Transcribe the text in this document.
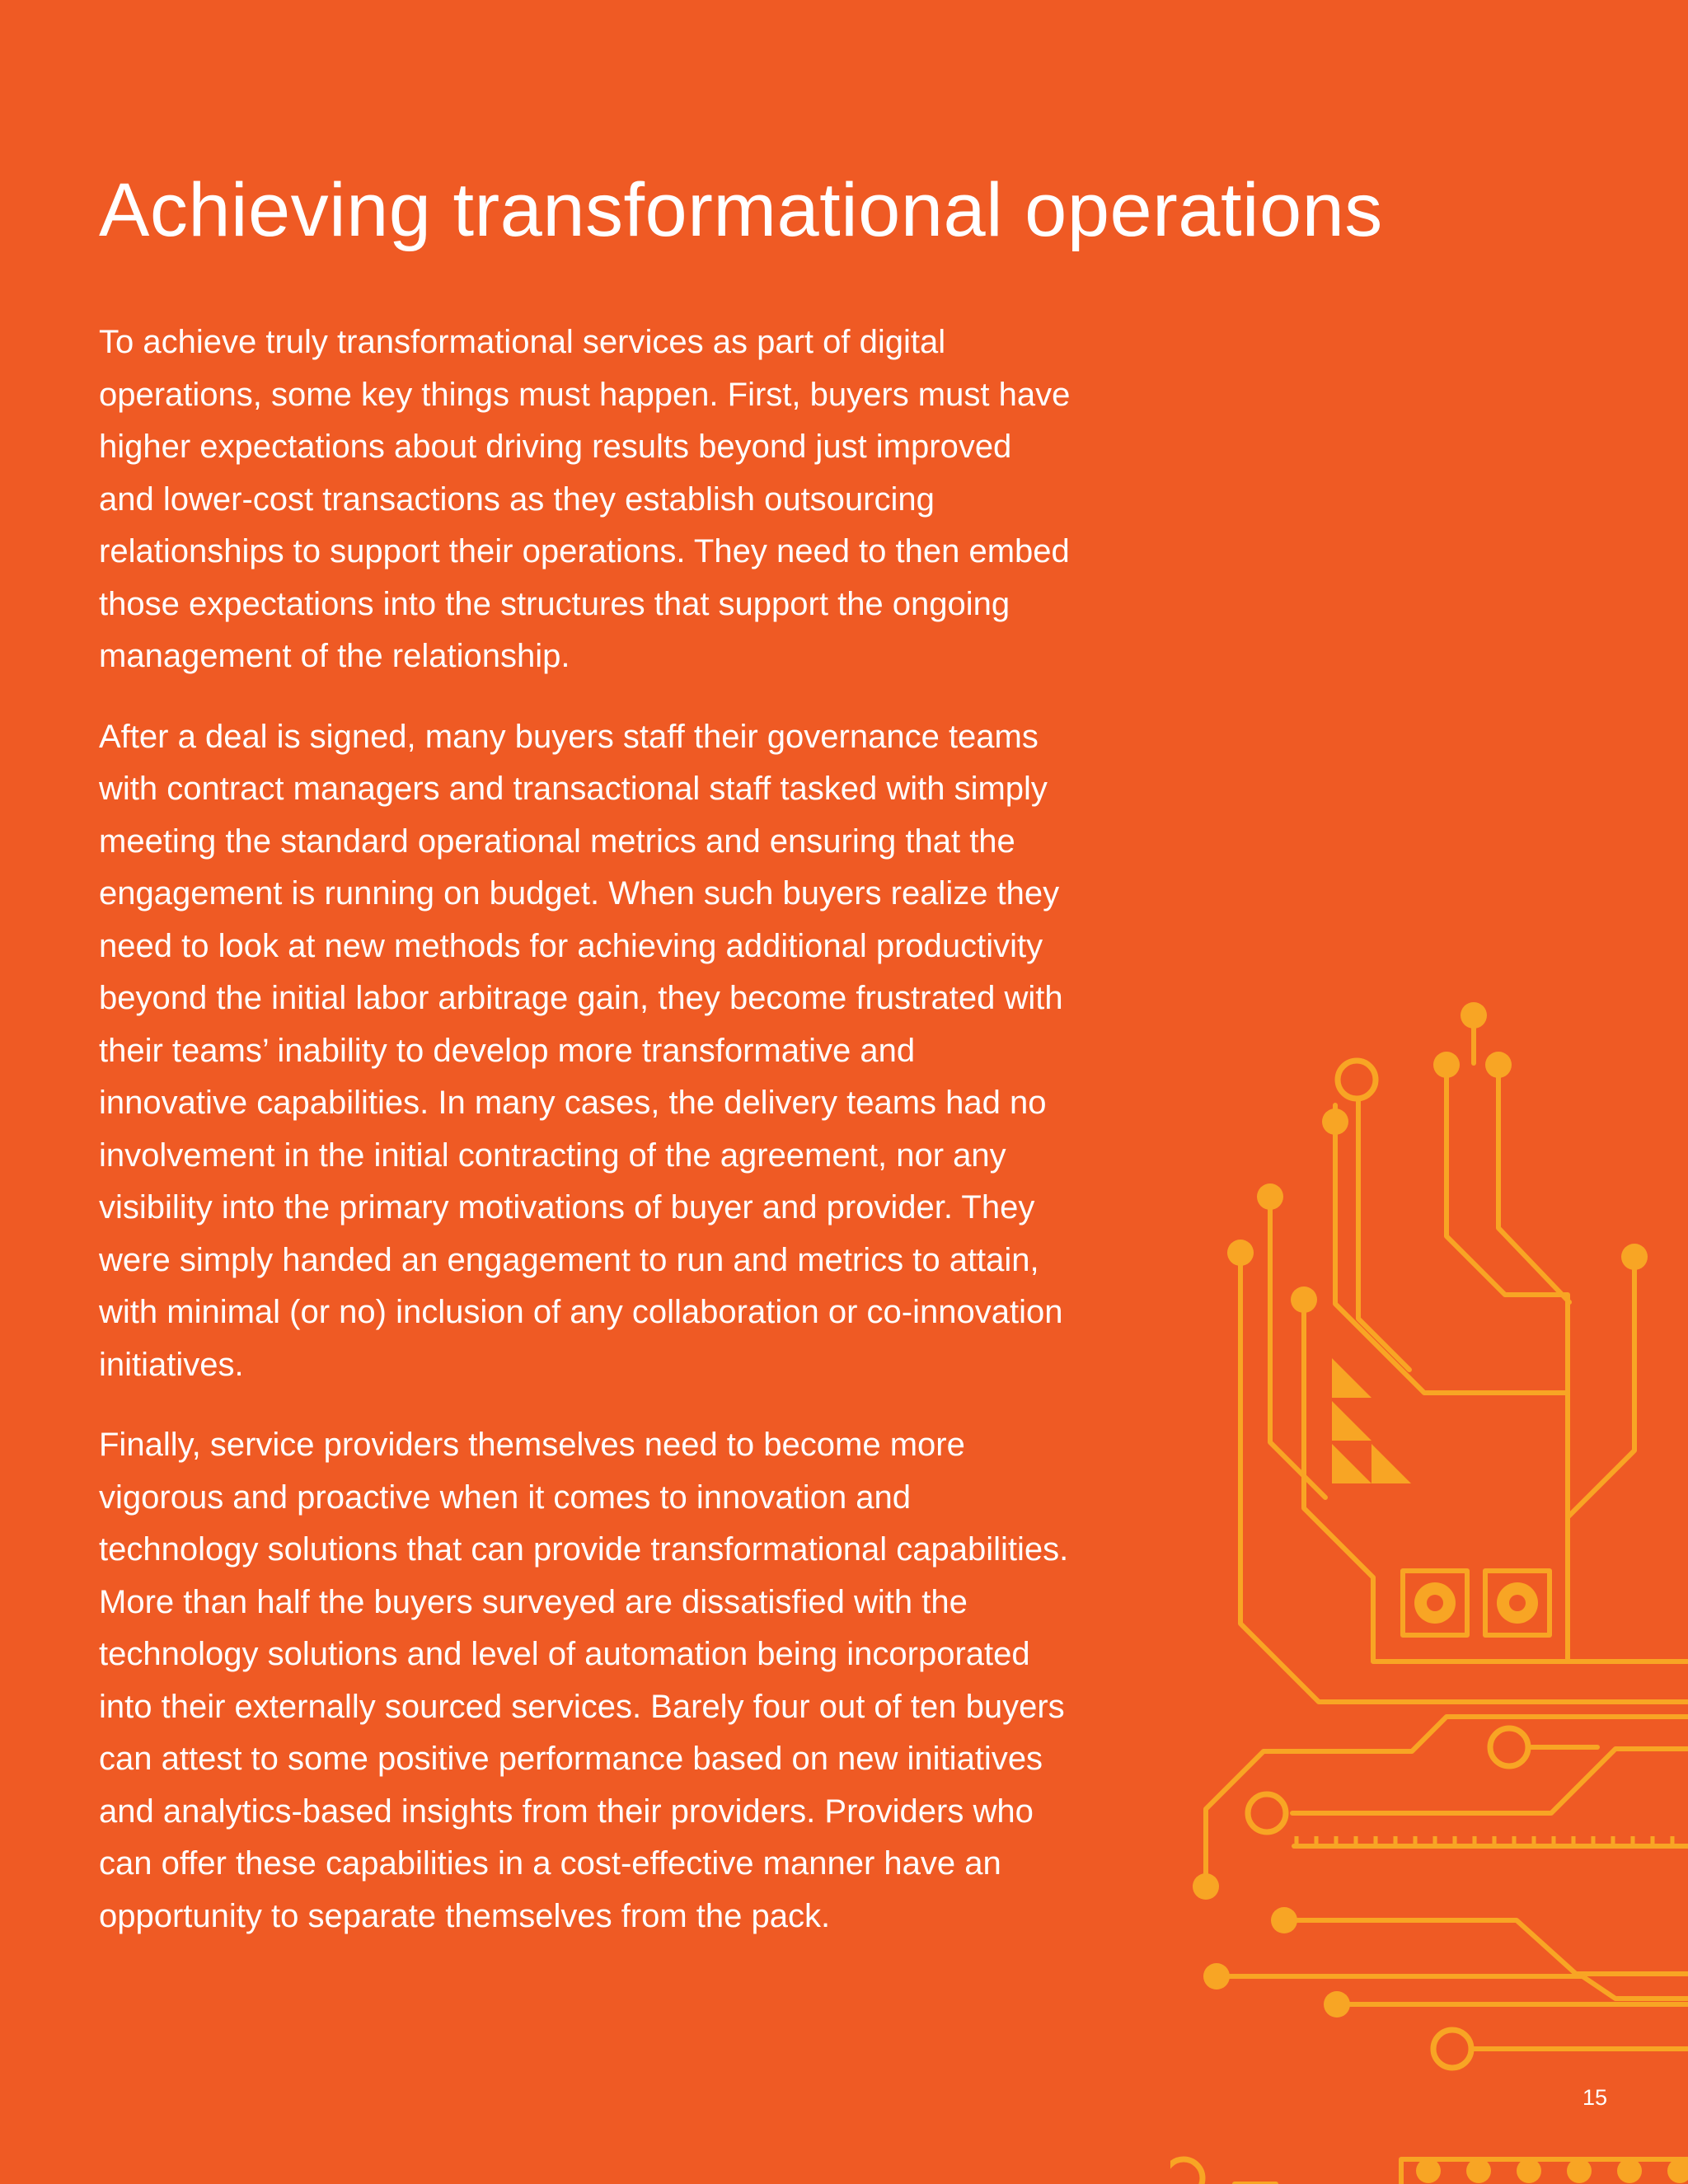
Achieving transformational operations

To achieve truly transformational services as part of digital operations, some key things must happen. First, buyers must have higher expectations about driving results beyond just improved and lower-cost transactions as they establish outsourcing relationships to support their operations. They need to then embed those expectations into the structures that support the ongoing management of the relationship.

After a deal is signed, many buyers staff their governance teams with contract managers and transactional staff tasked with simply meeting the standard operational metrics and ensuring that the engagement is running on budget. When such buyers realize they need to look at new methods for achieving additional productivity beyond the initial labor arbitrage gain, they become frustrated with their teams’ inability to develop more transformative and innovative capabilities. In many cases, the delivery teams had no involvement in the initial contracting of the agreement, nor any visibility into the primary motivations of buyer and provider. They were simply handed an engagement to run and metrics to attain, with minimal (or no) inclusion of any collaboration or co-innovation initiatives.

Finally, service providers themselves need to become more vigorous and proactive when it comes to innovation and technology solutions that can provide transformational capabilities. More than half the buyers surveyed are dissatisfied with the technology solutions and level of automation being incorporated into their externally sourced services. Barely four out of ten buyers can attest to some positive performance based on new initiatives and analytics-based insights from their providers. Providers who can offer these capabilities in a cost-effective manner have an opportunity to separate themselves from the pack.

15
